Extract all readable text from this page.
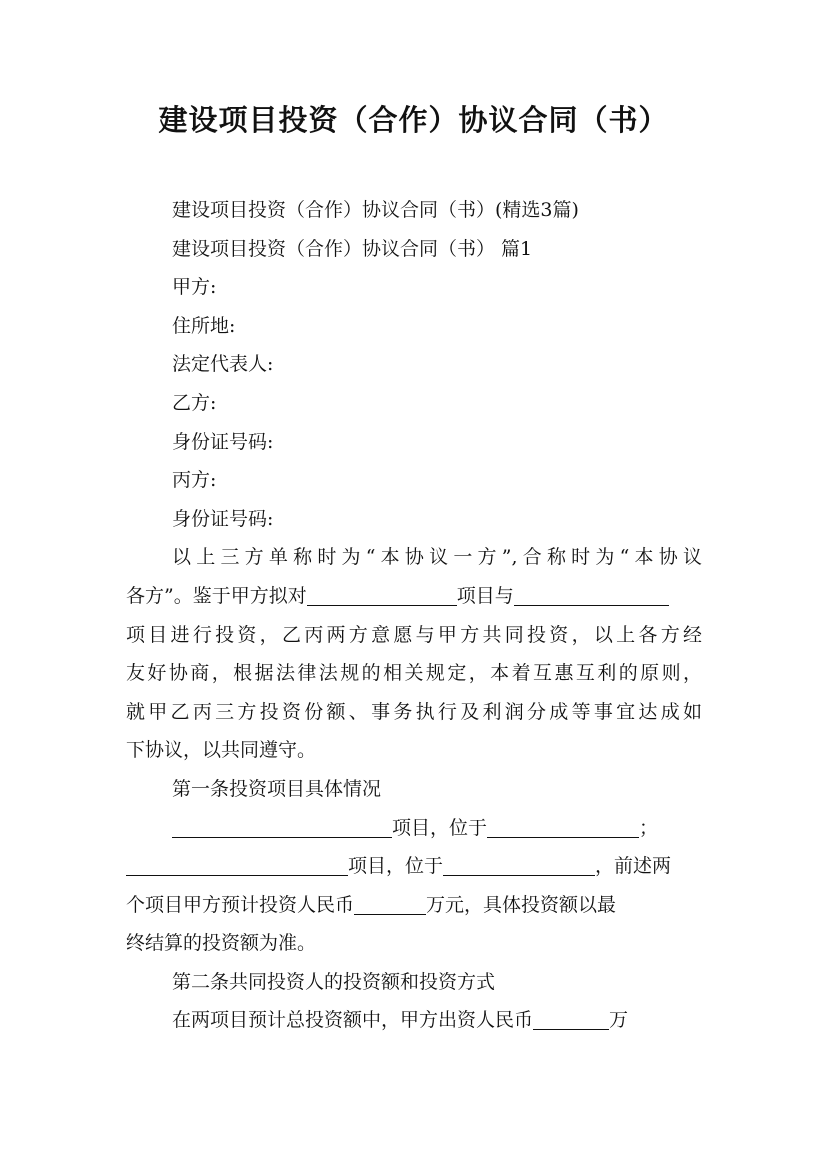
建设项目投资（合作）协议合同（书）
建设项目投资（合作）协议合同（书）(精选3篇)
建设项目投资（合作）协议合同（书） 篇1
甲方:
住所地:
法定代表人:
乙方:
身份证号码:
丙方:
身份证号码:
以上三方单称时为“本协议一方”,合称时为“本协议
各方”。鉴于甲方拟对	项目与
项目进行投资，乙丙两方意愿与甲方共同投资，以上各方经
友好协商，根据法律法规的相关规定，本着互惠互利的原则，
就甲乙丙三方投资份额、事务执行及利润分成等事宜达成如
下协议，以共同遵守。
第一条投资项目具体情况
项目，位于	；
项目，位于	，前述两
个项目甲方预计投资人民币	万元，具体投资额以最
终结算的投资额为准。
第二条共同投资人的投资额和投资方式
在两项目预计总投资额中，甲方出资人民币	万
